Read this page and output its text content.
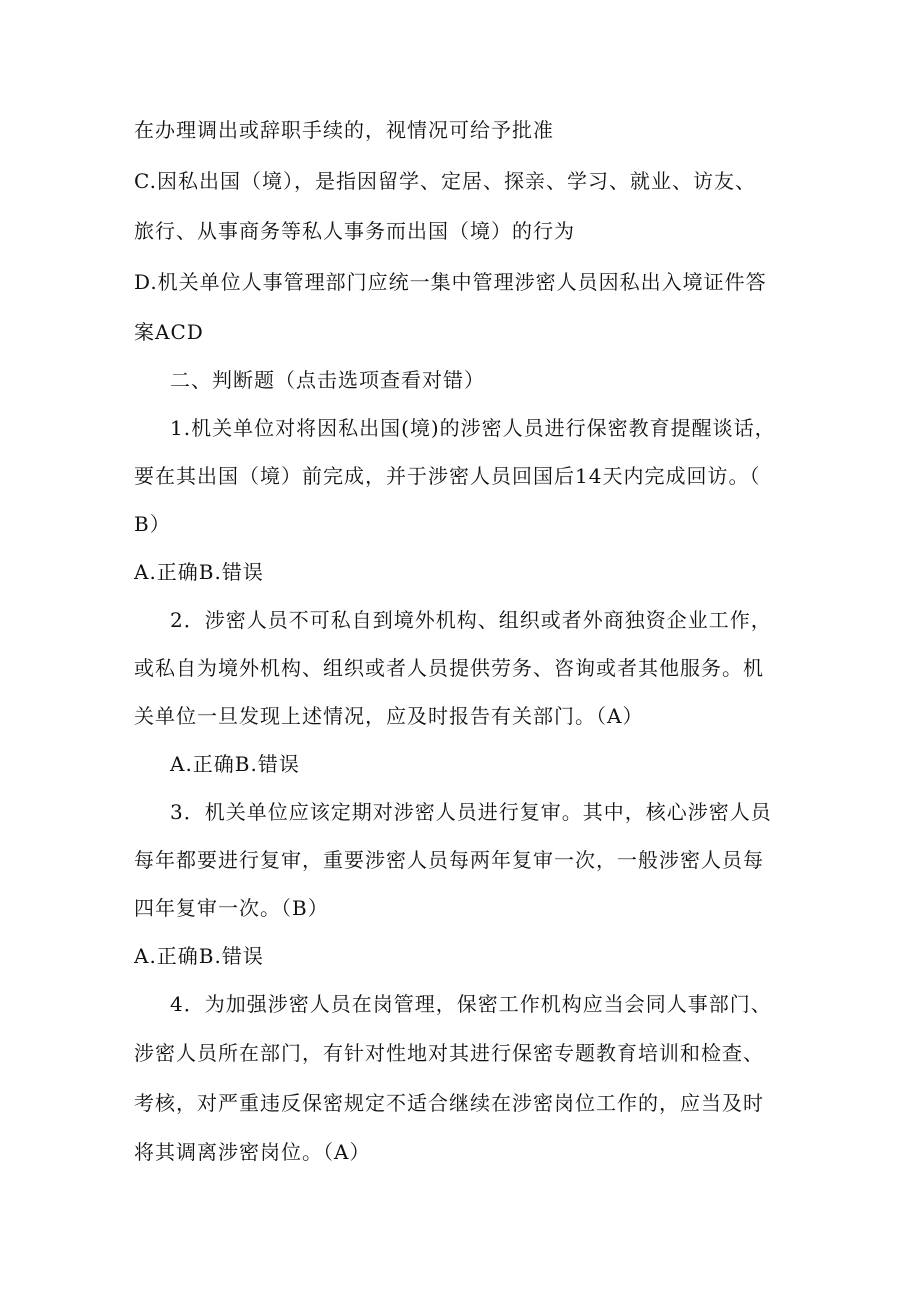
在办理调出或辞职手续的，视情况可给予批准
C.因私出国（境），是指因留学、定居、探亲、学习、就业、访友、
旅行、从事商务等私人事务而出国（境）的行为
D.机关单位人事管理部门应统一集中管理涉密人员因私出入境证件答
案ACD
二、判断题（点击选项查看对错）
1.机关单位对将因私出国(境)的涉密人员进行保密教育提醒谈话，
要在其出国（境）前完成，并于涉密人员回国后14天内完成回访。（
B）
A.正确B.错误
2．涉密人员不可私自到境外机构、组织或者外商独资企业工作，
或私自为境外机构、组织或者人员提供劳务、咨询或者其他服务。机
关单位一旦发现上述情况，应及时报告有关部门。（A）
A.正确B.错误
3．机关单位应该定期对涉密人员进行复审。其中，核心涉密人员
每年都要进行复审，重要涉密人员每两年复审一次，一般涉密人员每
四年复审一次。（B）
A.正确B.错误
4．为加强涉密人员在岗管理，保密工作机构应当会同人事部门、
涉密人员所在部门，有针对性地对其进行保密专题教育培训和检查、
考核，对严重违反保密规定不适合继续在涉密岗位工作的，应当及时
将其调离涉密岗位。（A）
